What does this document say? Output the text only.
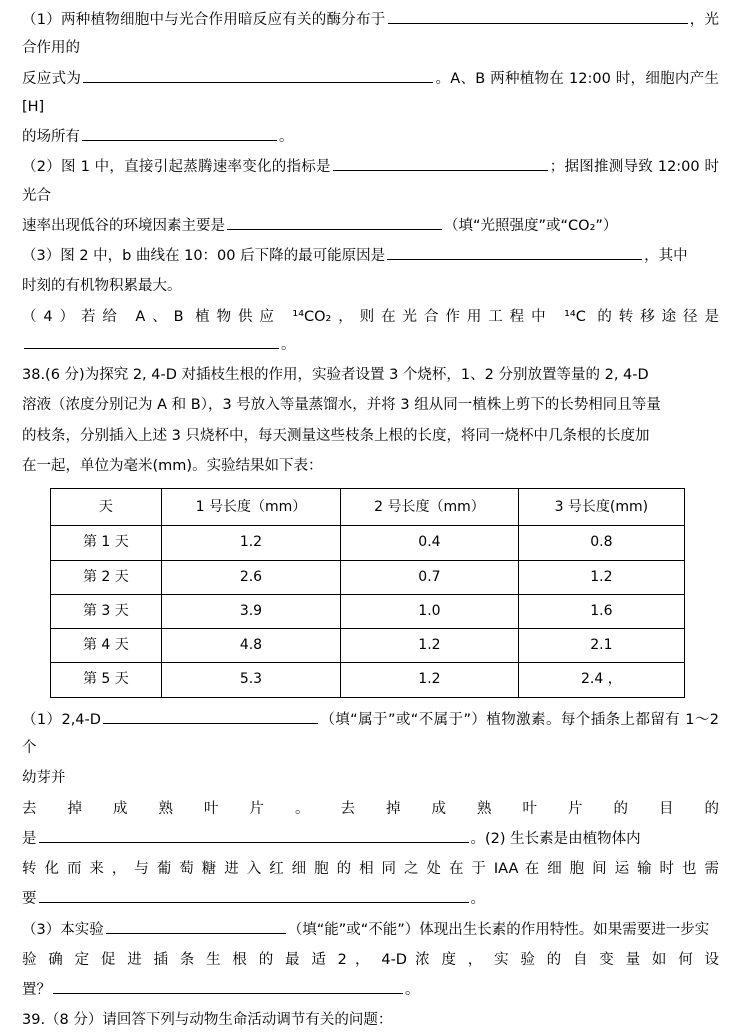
（1）两种植物细胞中与光合作用暗反应有关的酶分布于	，光合作用的

反应式为	。A、B 两种植物在 12:00 时，细胞内产生[H]

的场所有	。

（2）图 1 中，直接引起蒸腾速率变化的指标是	；据图推测导致 12:00 时光合

速率出现低谷的环境因素主要是	（填“光照强度”或“CO₂”）

（3）图 2 中，b 曲线在 10：00 后下降的最可能原因是	，其中

时刻的有机物积累最大。

（4）若给 A、B 植物供应 ¹⁴CO₂，则在光合作用工程中 ¹⁴C 的转移途径是。

38.(6 分)为探究 2, 4-D 对插枝生根的作用，实验者设置 3 个烧杯，1、2 分别放置等量的 2, 4-D

溶液（浓度分别记为 A 和 B），3 号放入等量蒸馏水，并将 3 组从同一植株上剪下的长势相同且等量

的枝条，分别插入上述 3 只烧杯中，每天测量这些枝条上根的长度，将同一烧杯中几条根的长度加

在一起，单位为毫米(mm)。实验结果如下表：

天	1 号长度（mm）	2 号长度（mm）	3 号长度(mm)
第 1 天	1.2	0.4	0.8
第 2 天	2.6	0.7	1.2
第 3 天	3.9	1.0	1.6
第 4 天	4.8	1.2	2.1
第 5 天	5.3	1.2	2.4 ，

（1）2,4-D	（填“属于”或“不属于”）植物激素。每个插条上都留有 1～2 个

幼芽并

去 掉 成 熟 叶 片 。 去 掉 成 熟 叶 片 的 目 的

是	。(2) 生长素是由植物体内

转 化 而 来 ， 与 葡 萄 糖 进 入 红 细 胞 的 相 同 之 处 在 于 IAA 在 细 胞 间 运 输 时 也 需

要	。

（3）本实验	（填“能”或“不能”）体现出生长素的作用特性。如果需要进一步实

验 确 定 促 进 插 条 生 根 的 最 适 2 ， 4-D 浓 度 ， 实 验 的 自 变 量 如 何 设

置？	。

39.（8 分）请回答下列与动物生命活动调节有关的问题：
